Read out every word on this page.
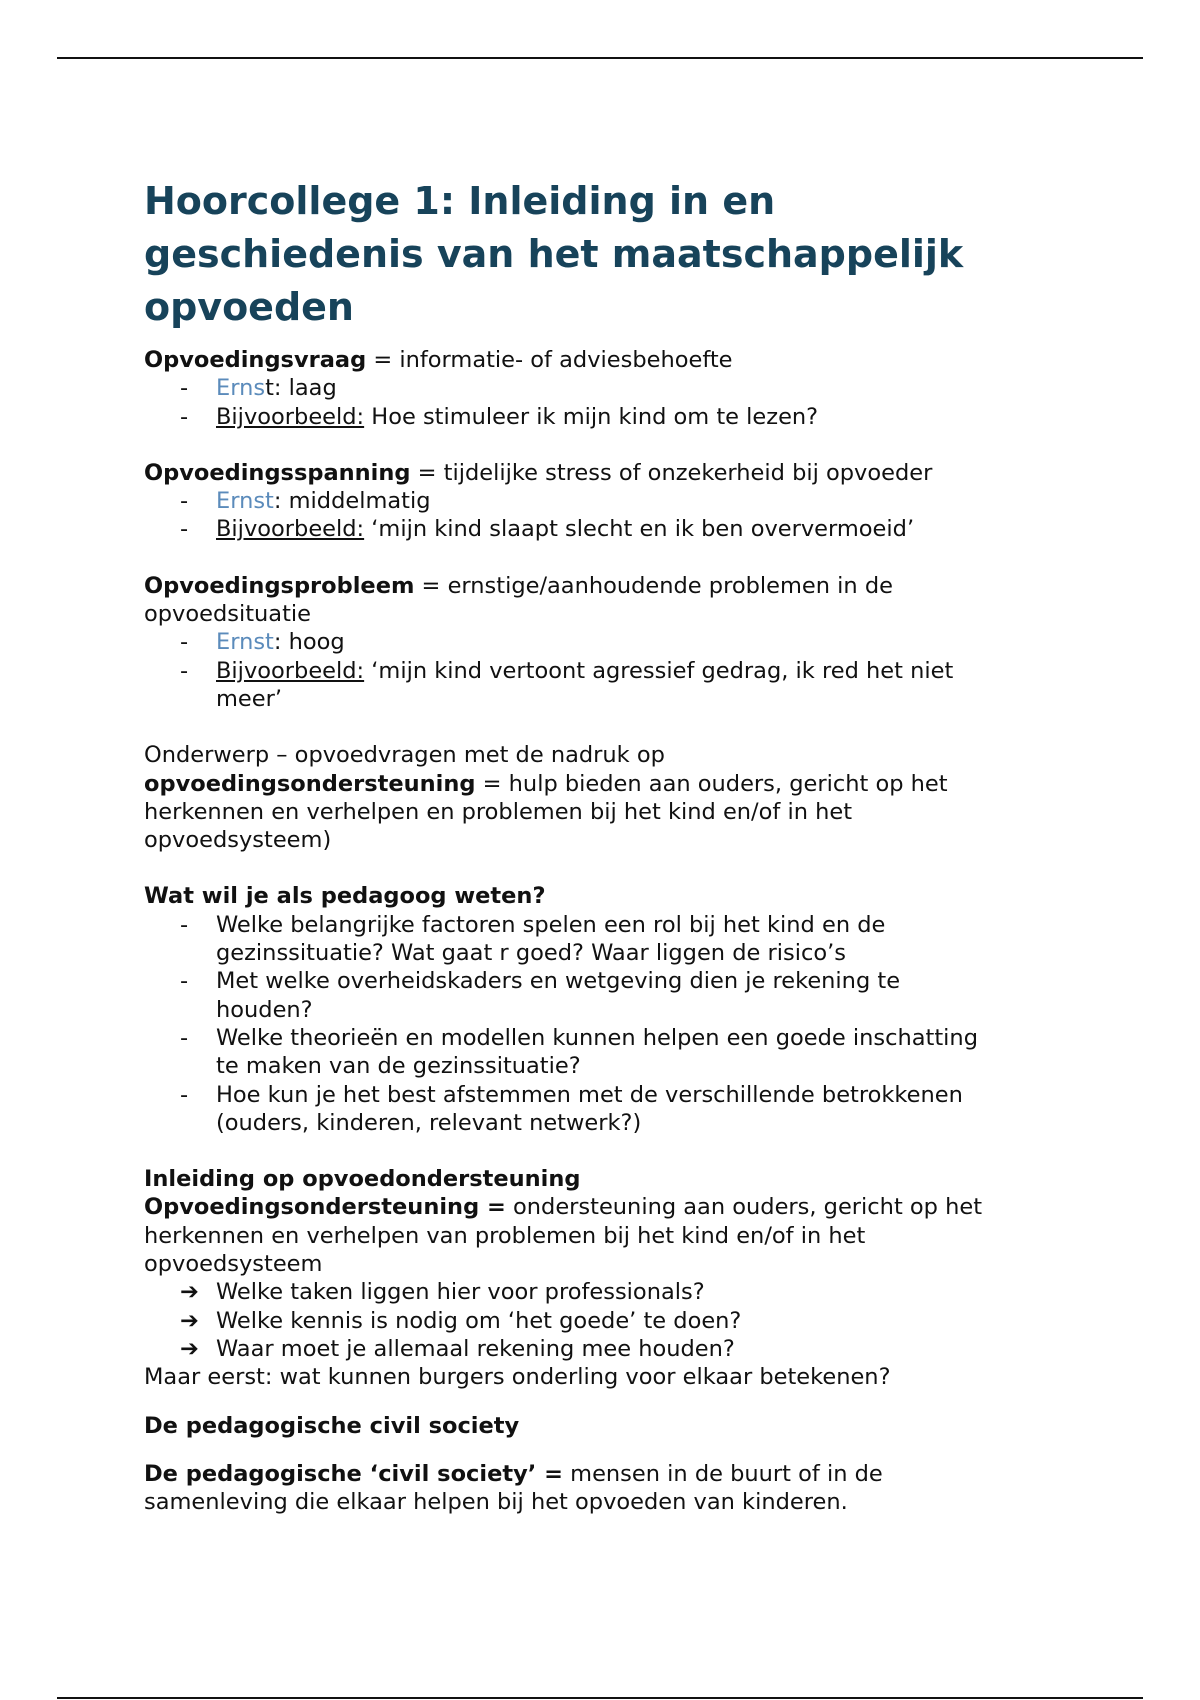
Hoorcollege 1: Inleiding in en
geschiedenis van het maatschappelijk
opvoeden

Opvoedingsvraag = informatie- of adviesbehoefte

- Ernst: laag
- Bijvoorbeeld: Hoe stimuleer ik mijn kind om te lezen?

Opvoedingsspanning = tijdelijke stress of onzekerheid bij opvoeder

- Ernst: middelmatig
- Bijvoorbeeld: ‘mijn kind slaapt slecht en ik ben oververmoeid’

Opvoedingsprobleem = ernstige/aanhoudende problemen in de
opvoedsituatie

- Ernst: hoog
- Bijvoorbeeld: ‘mijn kind vertoont agressief gedrag, ik red het niet
meer’

Onderwerp – opvoedvragen met de nadruk op
opvoedingsondersteuning = hulp bieden aan ouders, gericht op het
herkennen en verhelpen en problemen bij het kind en/of in het
opvoedsysteem)

Wat wil je als pedagoog weten?

- Welke belangrijke factoren spelen een rol bij het kind en de
gezinssituatie? Wat gaat r goed? Waar liggen de risico’s
- Met welke overheidskaders en wetgeving dien je rekening te
houden?
- Welke theorieën en modellen kunnen helpen een goede inschatting
te maken van de gezinssituatie?
- Hoe kun je het best afstemmen met de verschillende betrokkenen
(ouders, kinderen, relevant netwerk?)

Inleiding op opvoedondersteuning

Opvoedingsondersteuning = ondersteuning aan ouders, gericht op het
herkennen en verhelpen van problemen bij het kind en/of in het
opvoedsysteem

➔ Welke taken liggen hier voor professionals?
➔ Welke kennis is nodig om ‘het goede’ te doen?
➔ Waar moet je allemaal rekening mee houden?

Maar eerst: wat kunnen burgers onderling voor elkaar betekenen?

De pedagogische civil society

De pedagogische ‘civil society’ = mensen in de buurt of in de
samenleving die elkaar helpen bij het opvoeden van kinderen.
